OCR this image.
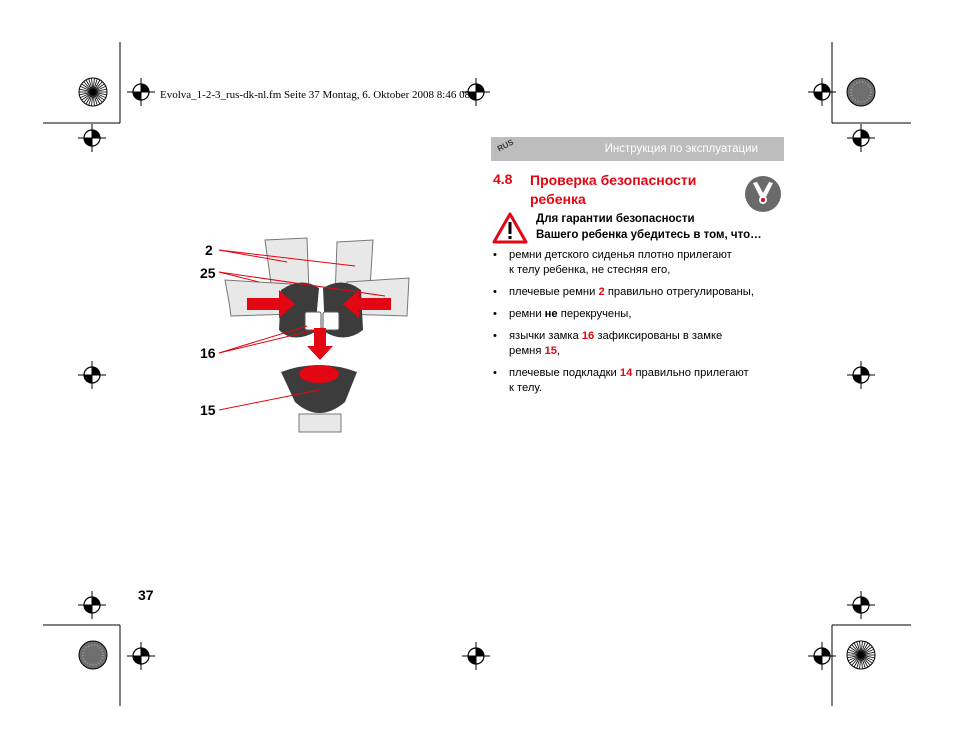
Evolva_1-2-3_rus-dk-nl.fm Seite 37 Montag, 6. Oktober 2008 8:46 08
RUS	Инструкция по эксплуатации
4.8 Проверка безопасности
ребенка
Для гарантии безопасности
Вашего ребенка убедитесь в том, что…
• ремни детского сиденья плотно прилегают
к телу ребенка, не стесняя его,
• плечевые ремни 2 правильно отрегулированы,
• ремни не перекручены,
• язычки замка 16 зафиксированы в замке
ремня 15,
• плечевые подкладки 14 правильно прилегают
к телу.
2
25
16
15
37
